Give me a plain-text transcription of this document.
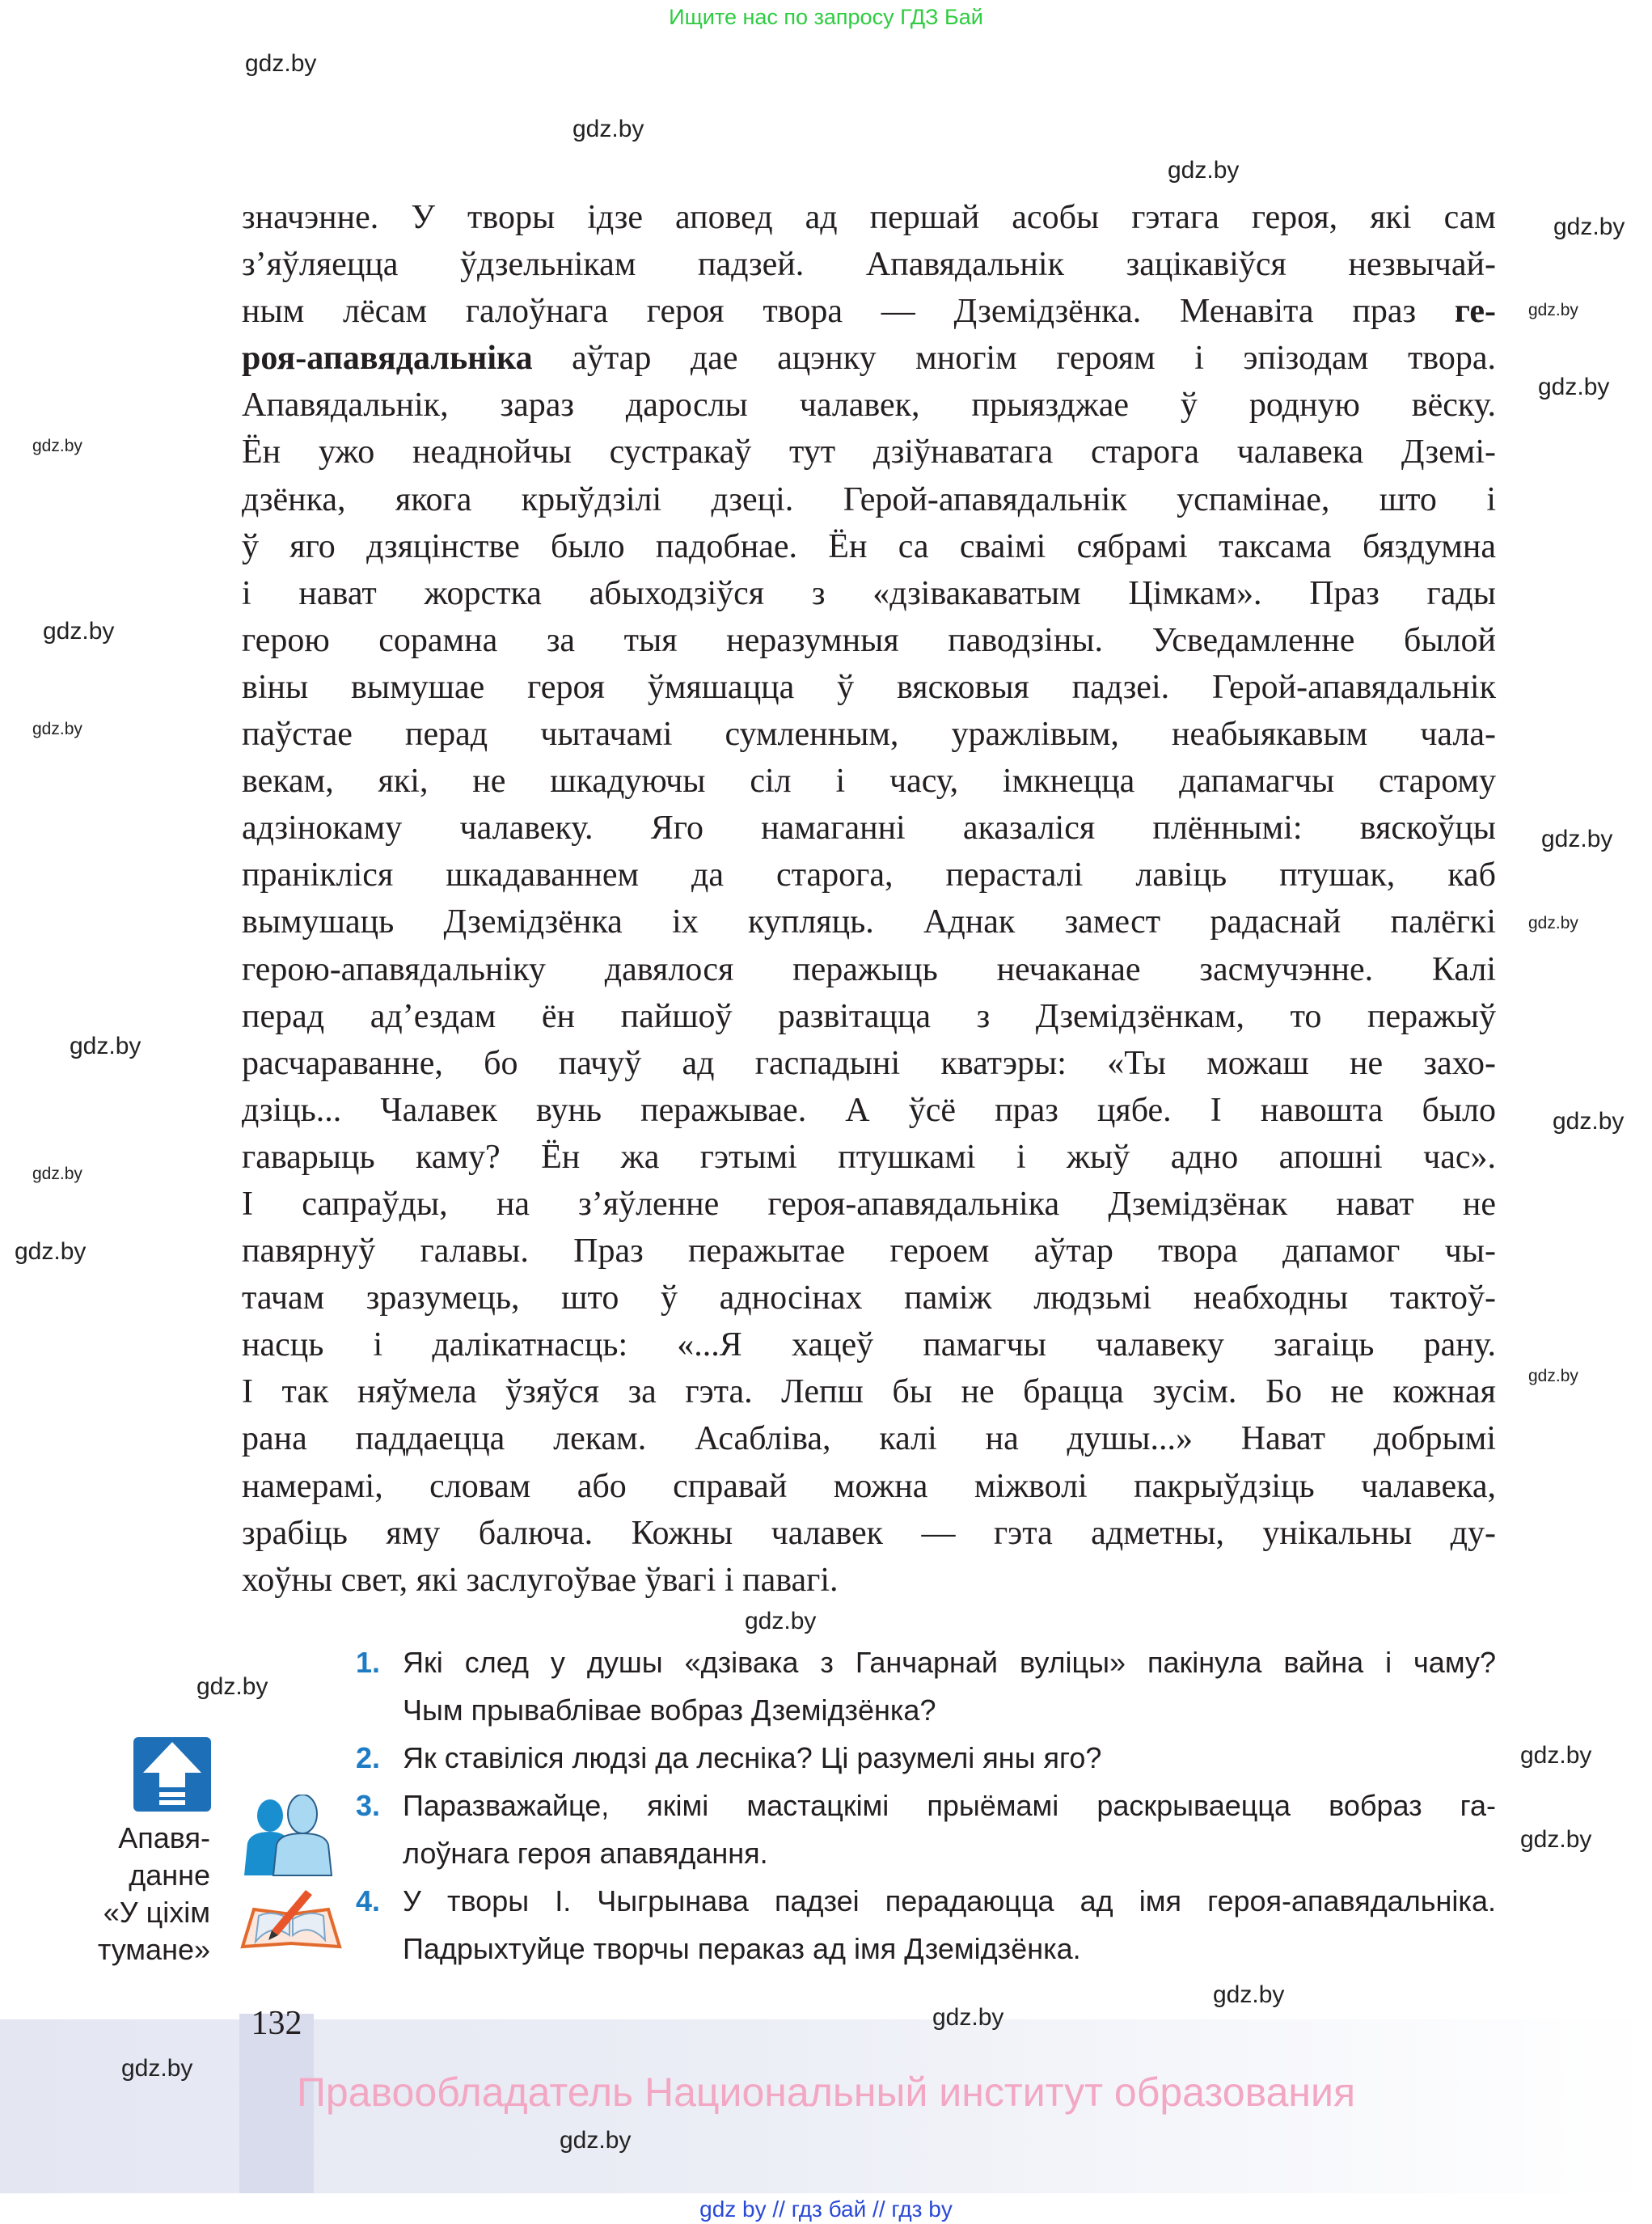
Ищите нас по запросу ГДЗ Бай
значэнне. У творы ідзе аповед ад першай асобы гэтага героя, які сам
з’яўляецца ўдзельнікам падзей. Апавядальнік зацікавіўся незвычай-
ным лёсам галоўнага героя твора — Дземідзёнка. Менавіта праз ге-
роя-апавядальніка аўтар дае ацэнку многім героям і эпізодам твора.
Апавядальнік, зараз дарослы чалавек, прыязджае ў родную вёску.
Ён ужо неаднойчы сустракаў тут дзіўнаватага старога чалавека Дземі-
дзёнка, якога крыўдзілі дзеці. Герой-апавядальнік успамінае, што і
ў яго дзяцінстве было падобнае. Ён са сваімі сябрамі таксама бяздумна
і нават жорстка абыходзіўся з «дзівакаватым Цімкам». Праз гады
герою сорамна за тыя неразумныя паводзіны. Усведамленне былой
віны вымушае героя ўмяшацца ў вясковыя падзеі. Герой-апавядальнік
паўстае перад чытачамі сумленным, уражлівым, неабыякавым чала-
векам, які, не шкадуючы сіл і часу, імкнецца дапамагчы старому
адзінокаму чалавеку. Яго намаганні аказаліся плённымі: вяскоўцы
пранікліся шкадаваннем да старога, перасталі лавіць птушак, каб
вымушаць Дземідзёнка іх купляць. Аднак замест радаснай палёгкі
герою-апавядальніку давялося перажыць нечаканае засмучэнне. Калі
перад ад’ездам ён пайшоў развітацца з Дземідзёнкам, то перажыў
расчараванне, бо пачуў ад гаспадыні кватэры: «Ты можаш не захо-
дзіць... Чалавек вунь перажывае. А ўсё праз цябе. І навошта было
гаварыць каму? Ён жа гэтымі птушкамі і жыў адно апошні час».
І сапраўды, на з’яўленне героя-апавядальніка Дземідзёнак нават не
павярнуў галавы. Праз перажытае героем аўтар твора дапамог чы-
тачам зразумець, што ў адносінах паміж людзьмі неабходны тактоў-
насць і далікатнасць: «...Я хацеў памагчы чалавеку загаіць рану.
І так няўмела ўзяўся за гэта. Лепш бы не брацца зусім. Бо не кожная
рана паддаецца лекам. Асабліва, калі на душы...» Нават добрымі
намерамі, словам або справай можна міжволі пакрыўдзіць чалавека,
зрабіць яму балюча. Кожны чалавек — гэта адметны, унікальны ду-
хоўны свет, які заслугоўвае ўвагі і павагі.
Апавя-
данне
«У ціхім
тумане»
1. Які след у душы «дзівака з Ганчарнай вуліцы» пакінула вайна і чаму?
Чым прываблівае вобраз Дземідзёнка?
2. Як ставіліся людзі да лесніка? Ці разумелі яны яго?
3. Паразважайце, якімі мастацкімі прыёмамі раскрываецца вобраз га-
лоўнага героя апавядання.
4. У творы І. Чыгрынава падзеі перадаюцца ад імя героя-апавядальніка.
Падрыхтуйце творчы пераказ ад імя Дземідзёнка.
132
Правообладатель Национальный институт образования
gdz by // гдз бай // гдз by
gdz.by
gdz.by
gdz.by
gdz.by
gdz.by
gdz.by
gdz.by
gdz.by
gdz.by
gdz.by
gdz.by
gdz.by
gdz.by
gdz.by
gdz.by
gdz.by
gdz.by
gdz.by
gdz.by
gdz.by
gdz.by
gdz.by
gdz.by
gdz.by
